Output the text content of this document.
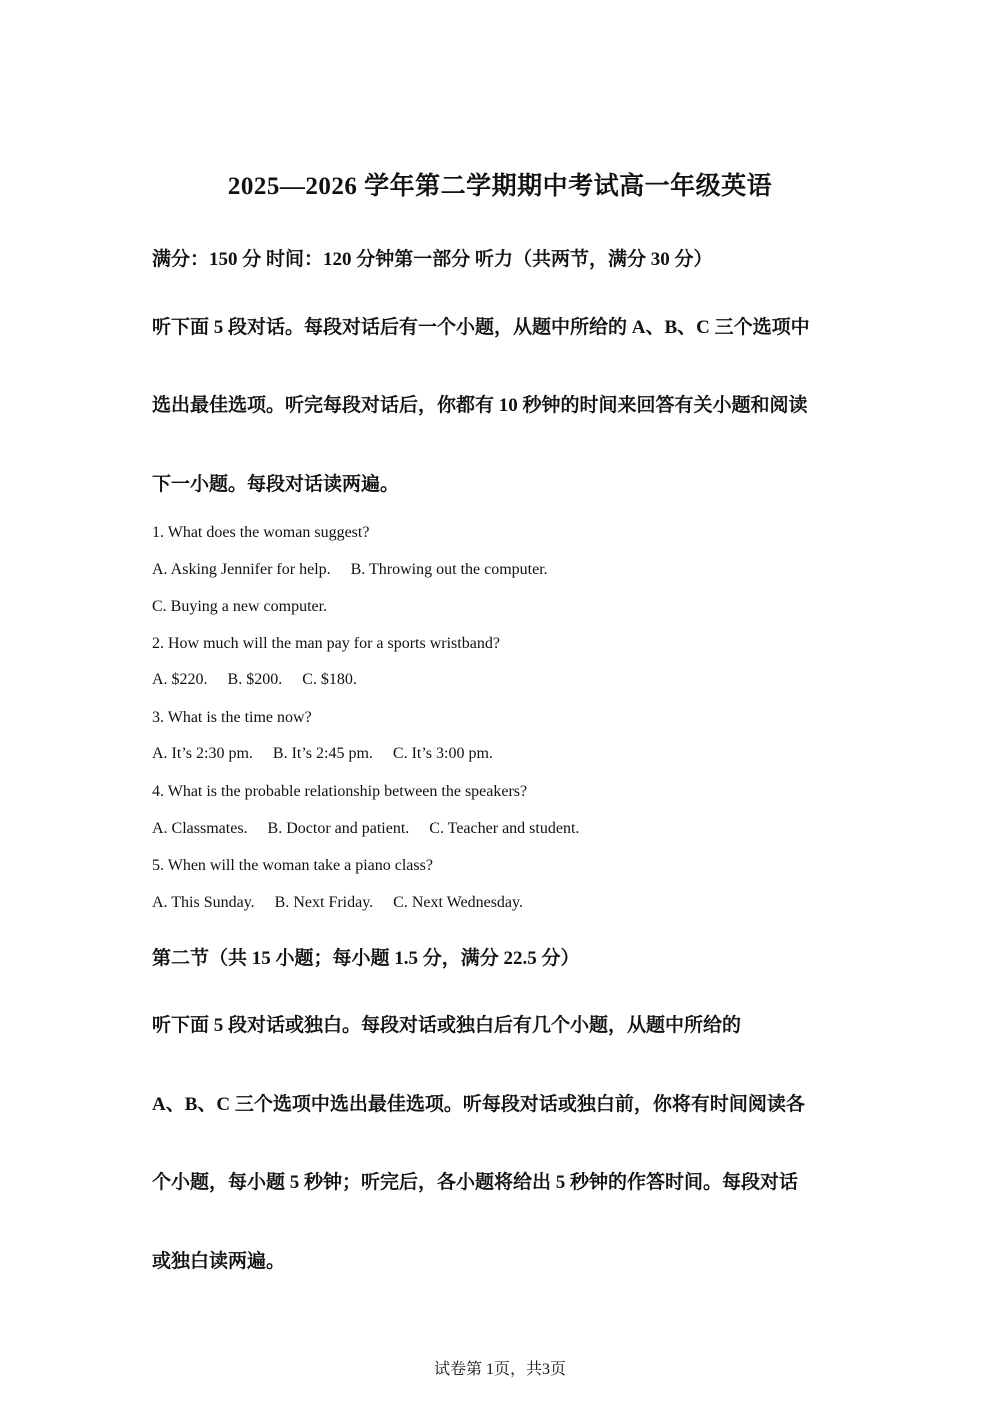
2025—2026 学年第二学期期中考试高一年级英语

满分：150 分 时间：120 分钟第一部分 听力（共两节，满分 30 分）

听下面 5 段对话。每段对话后有一个小题，从题中所给的 A、B、C 三个选项中

选出最佳选项。听完每段对话后，你都有 10 秒钟的时间来回答有关小题和阅读

下一小题。每段对话读两遍。

1. What does the woman suggest?

A. Asking Jennifer for help.     B. Throwing out the computer.

C. Buying a new computer.

2. How much will the man pay for a sports wristband?

A. $220.     B. $200.     C. $180.

3. What is the time now?

A. It’s 2:30 pm.     B. It’s 2:45 pm.     C. It’s 3:00 pm.

4. What is the probable relationship between the speakers?

A. Classmates.     B. Doctor and patient.     C. Teacher and student.

5. When will the woman take a piano class?

A. This Sunday.     B. Next Friday.     C. Next Wednesday.

第二节（共 15 小题；每小题 1.5 分，满分 22.5 分）

听下面 5 段对话或独白。每段对话或独白后有几个小题，从题中所给的

A、B、C 三个选项中选出最佳选项。听每段对话或独白前，你将有时间阅读各

个小题，每小题 5 秒钟；听完后，各小题将给出 5 秒钟的作答时间。每段对话

或独白读两遍。

试卷第 1页，共3页
